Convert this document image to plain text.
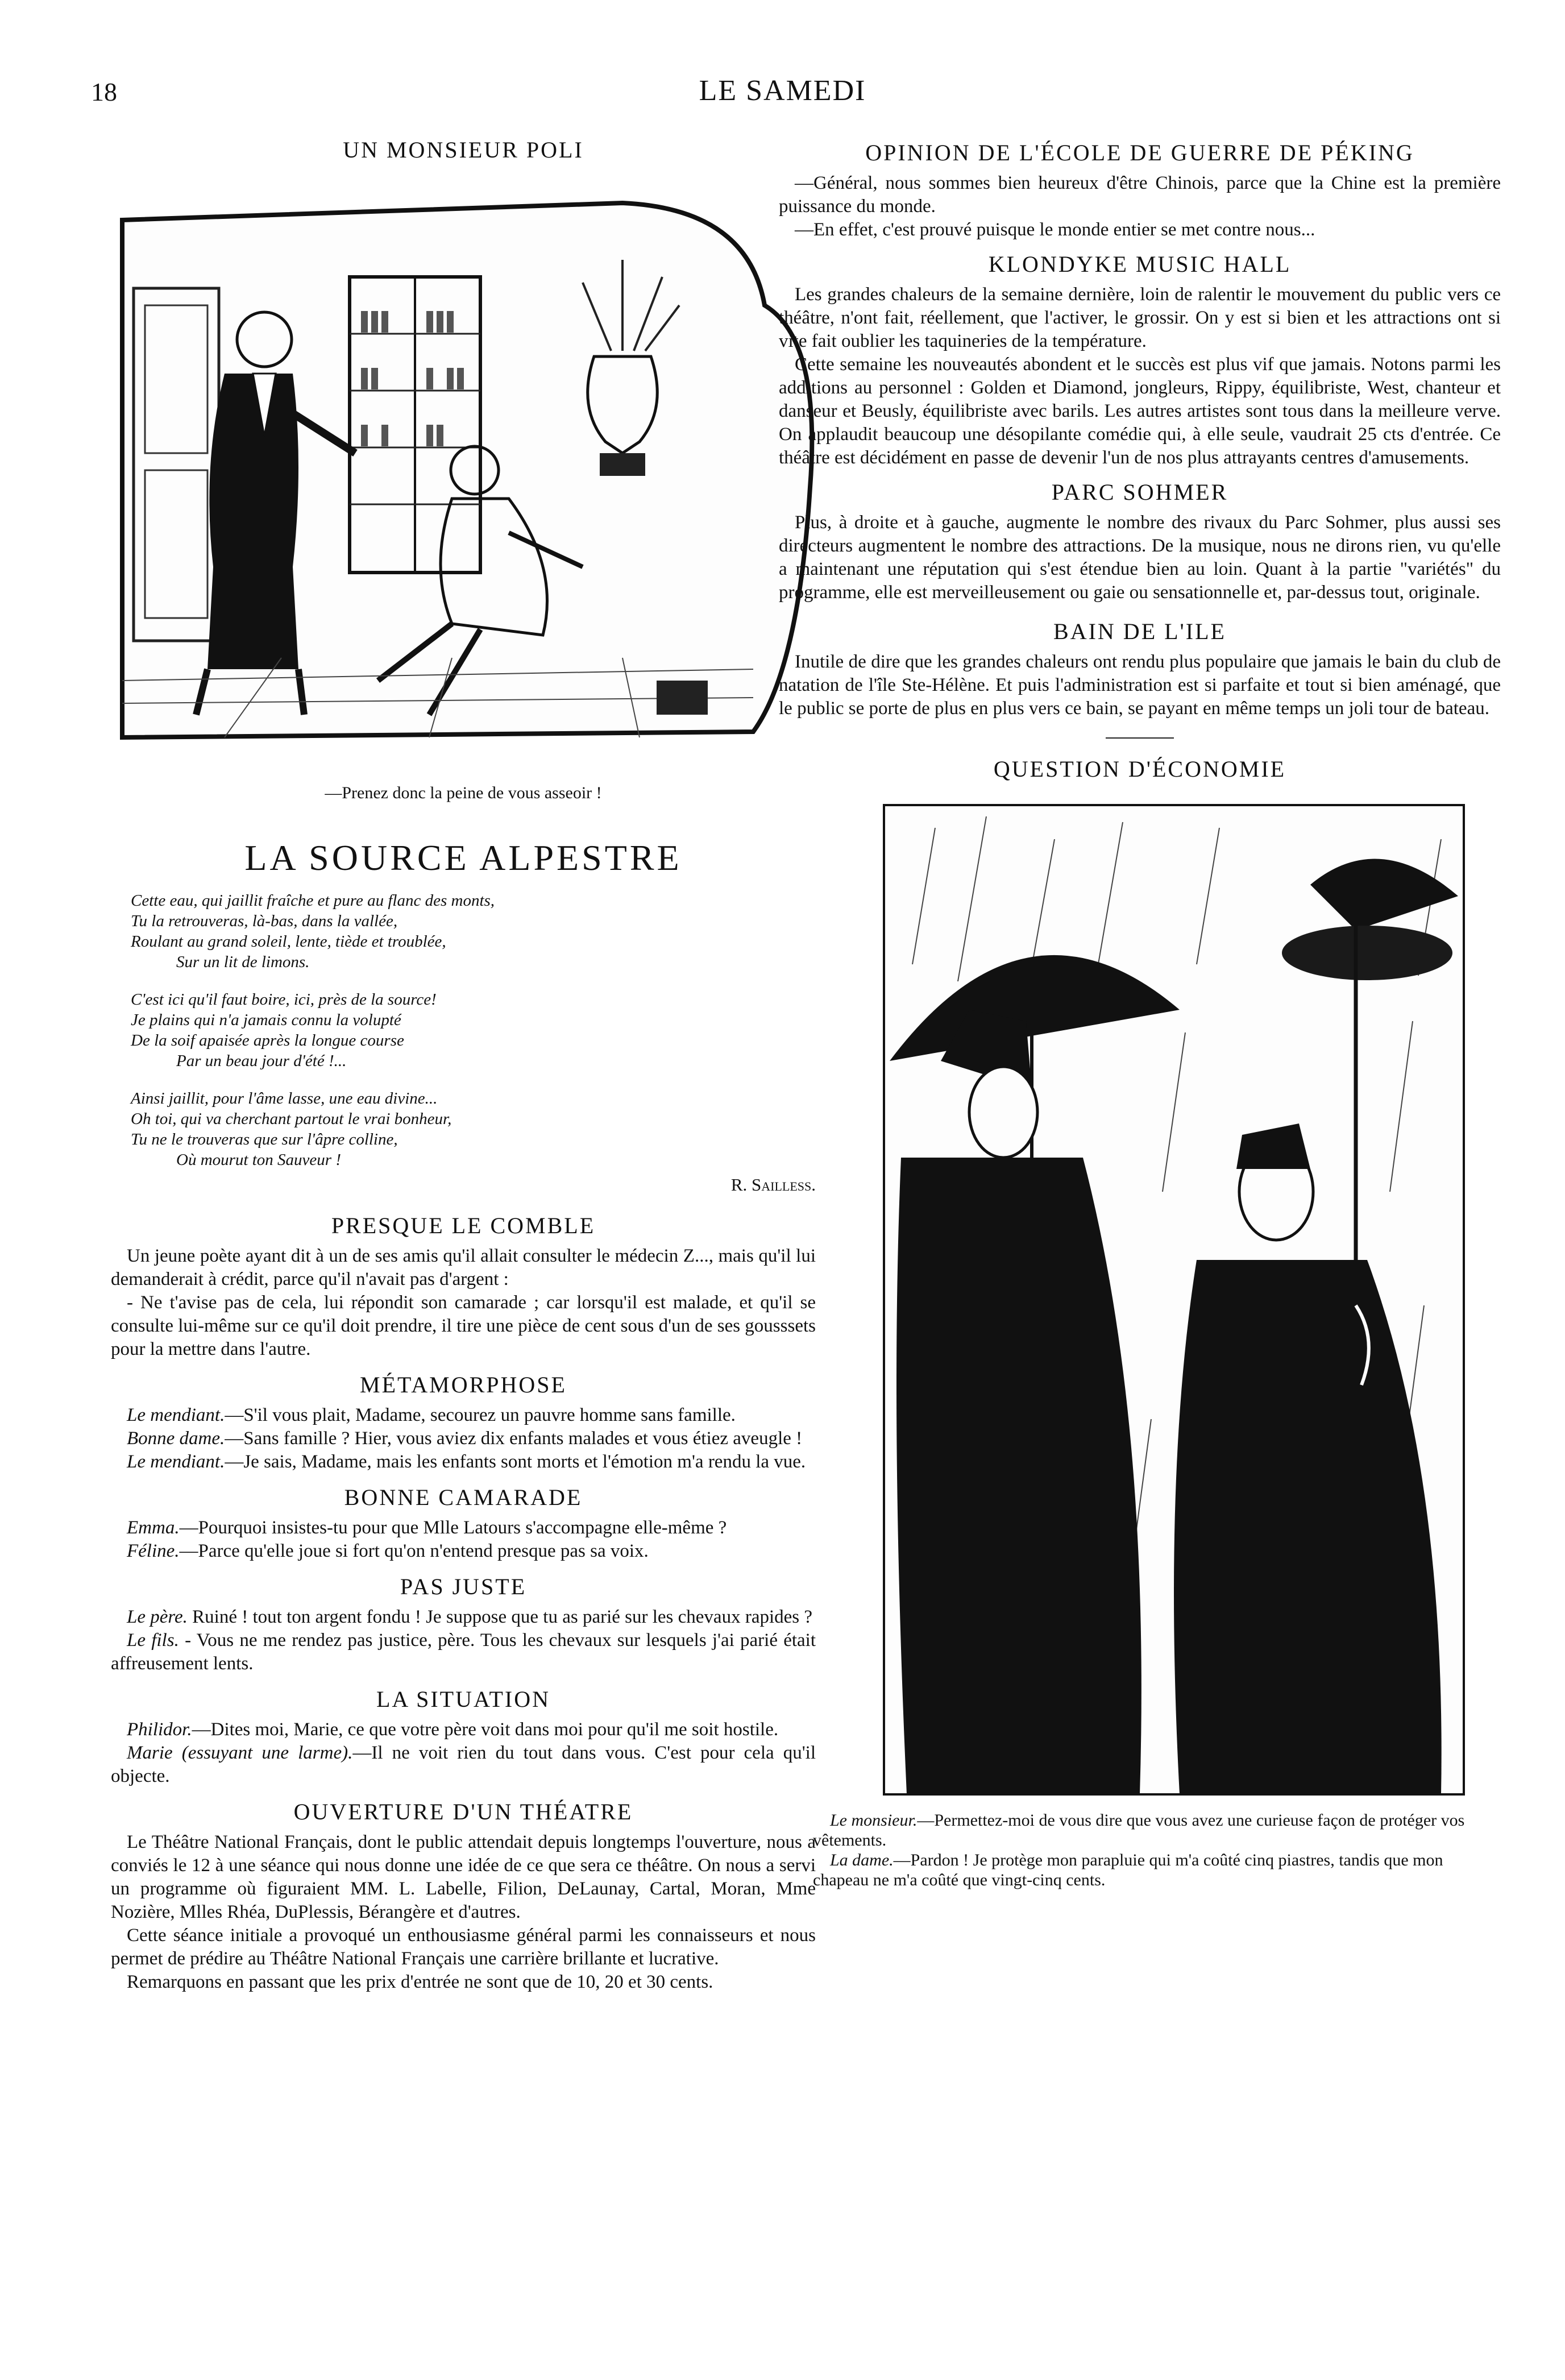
18	LE SAMEDI
UN MONSIEUR POLI
—Prenez donc la peine de vous asseoir !
LA SOURCE ALPESTRE
Cette eau, qui jaillit fraîche et pure au flanc des monts,
Tu la retrouveras, là-bas, dans la vallée,
Roulant au grand soleil, lente, tiède et troublée,
Sur un lit de limons.
C'est ici qu'il faut boire, ici, près de la source!
Je plains qui n'a jamais connu la volupté
De la soif apaisée après la longue course
Par un beau jour d'été !...
Ainsi jaillit, pour l'âme lasse, une eau divine...
Oh toi, qui va cherchant partout le vrai bonheur,
Tu ne le trouveras que sur l'âpre colline,
Où mourut ton Sauveur !
R. Sailless.
PRESQUE LE COMBLE

Un jeune poète ayant dit à un de ses amis qu'il allait consulter le médecin Z..., mais qu'il lui demanderait à crédit, parce qu'il n'avait pas d'argent :

- Ne t'avise pas de cela, lui répondit son camarade ; car lorsqu'il est malade, et qu'il se consulte lui-même sur ce qu'il doit prendre, il tire une pièce de cent sous d'un de ses gousssets pour la mettre dans l'autre.

MÉTAMORPHOSE

Le mendiant.—S'il vous plait, Madame, secourez un pauvre homme sans famille.

Bonne dame.—Sans famille ? Hier, vous aviez dix enfants malades et vous étiez aveugle !

Le mendiant.—Je sais, Madame, mais les enfants sont morts et l'émotion m'a rendu la vue.

BONNE CAMARADE

Emma.—Pourquoi insistes-tu pour que Mlle Latours s'accompagne elle-même ?

Féline.—Parce qu'elle joue si fort qu'on n'entend presque pas sa voix.

PAS JUSTE

Le père. Ruiné ! tout ton argent fondu ! Je suppose que tu as parié sur les chevaux rapides ?

Le fils. - Vous ne me rendez pas justice, père. Tous les chevaux sur lesquels j'ai parié était affreusement lents.

LA SITUATION

Philidor.—Dites moi, Marie, ce que votre père voit dans moi pour qu'il me soit hostile.

Marie (essuyant une larme).—Il ne voit rien du tout dans vous. C'est pour cela qu'il objecte.

OUVERTURE D'UN THÉATRE

Le Théâtre National Français, dont le public attendait depuis longtemps l'ouverture, nous a conviés le 12 à une séance qui nous donne une idée de ce que sera ce théâtre. On nous a servi un programme où figuraient MM. L. Labelle, Filion, DeLaunay, Cartal, Moran, Mme Nozière, Mlles Rhéa, DuPlessis, Bérangère et d'autres.

Cette séance initiale a provoqué un enthousiasme général parmi les connaisseurs et nous permet de prédire au Théâtre National Français une carrière brillante et lucrative.

Remarquons en passant que les prix d'entrée ne sont que de 10, 20 et 30 cents.

OPINION DE L'ÉCOLE DE GUERRE DE PÉKING

—Général, nous sommes bien heureux d'être Chinois, parce que la Chine est la première puissance du monde.

—En effet, c'est prouvé puisque le monde entier se met contre nous...

KLONDYKE MUSIC HALL

Les grandes chaleurs de la semaine dernière, loin de ralentir le mouvement du public vers ce théâtre, n'ont fait, réellement, que l'activer, le grossir. On y est si bien et les attractions ont si vite fait oublier les taquineries de la température.

Cette semaine les nouveautés abondent et le succès est plus vif que jamais. Notons parmi les additions au personnel : Golden et Diamond, jongleurs, Rippy, équilibriste, West, chanteur et danseur et Beusly, équilibriste avec barils. Les autres artistes sont tous dans la meilleure verve. On applaudit beaucoup une désopilante comédie qui, à elle seule, vaudrait 25 cts d'entrée. Ce théâtre est décidément en passe de devenir l'un de nos plus attrayants centres d'amusements.

PARC SOHMER

Plus, à droite et à gauche, augmente le nombre des rivaux du Parc Sohmer, plus aussi ses directeurs augmentent le nombre des attractions. De la musique, nous ne dirons rien, vu qu'elle a maintenant une réputation qui s'est étendue bien au loin. Quant à la partie "variétés" du programme, elle est merveilleusement ou gaie ou sensationnelle et, par-dessus tout, originale.

BAIN DE L'ILE

Inutile de dire que les grandes chaleurs ont rendu plus populaire que jamais le bain du club de natation de l'île Ste-Hélène. Et puis l'administration est si parfaite et tout si bien aménagé, que le public se porte de plus en plus vers ce bain, se payant en même temps un joli tour de bateau.

QUESTION D'ÉCONOMIE
Le monsieur.—Permettez-moi de vous dire que vous avez une curieuse façon de protéger vos vêtements.
La dame.—Pardon ! Je protège mon parapluie qui m'a coûté cinq piastres, tandis que mon chapeau ne m'a coûté que vingt-cinq cents.
